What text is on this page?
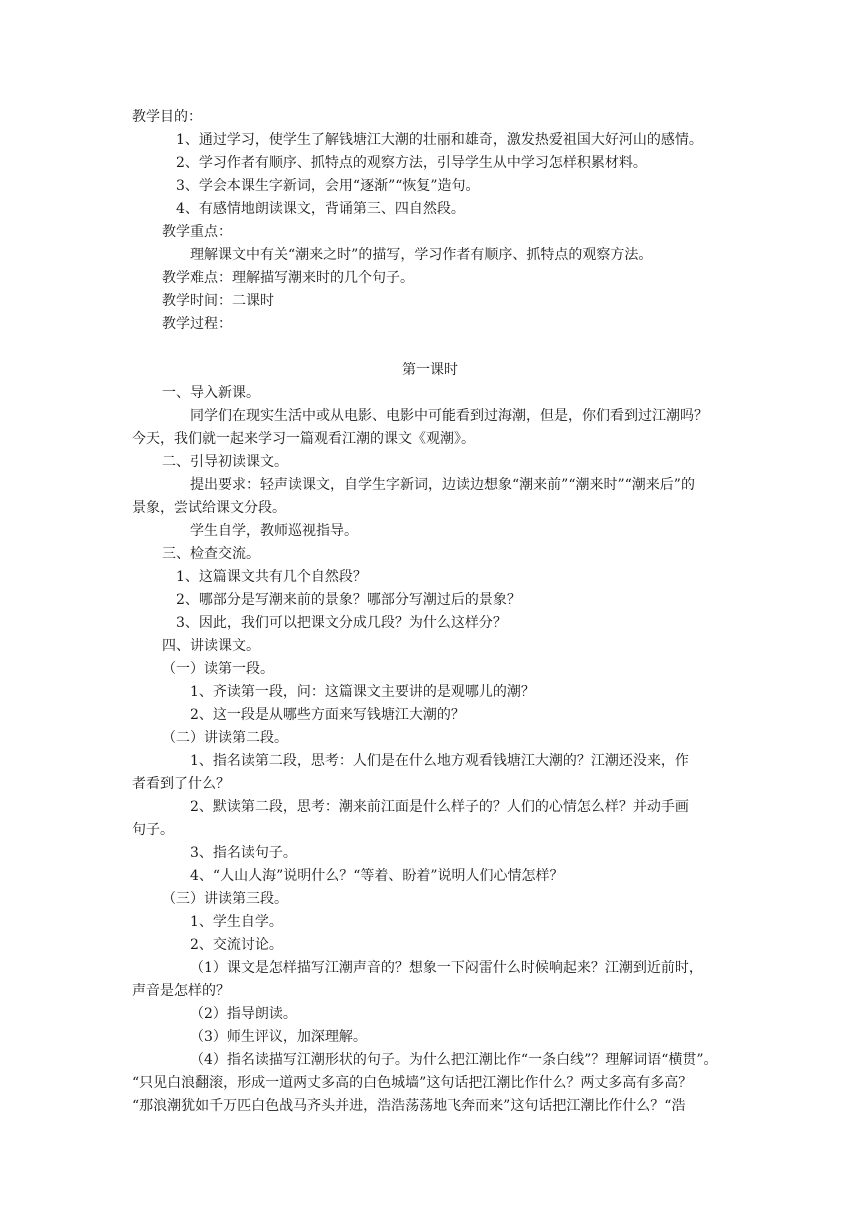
教学目的：

1、通过学习，使学生了解钱塘江大潮的壮丽和雄奇，激发热爱祖国大好河山的感情。

2、学习作者有顺序、抓特点的观察方法，引导学生从中学习怎样积累材料。

3、学会本课生字新词，会用“逐渐”“恢复”造句。

4、有感情地朗读课文，背诵第三、四自然段。

教学重点：

理解课文中有关“潮来之时”的描写，学习作者有顺序、抓特点的观察方法。

教学难点：理解描写潮来时的几个句子。

教学时间：二课时

教学过程：

第一课时

一、导入新课。

同学们在现实生活中或从电影、电影中可能看到过海潮，但是，你们看到过江潮吗？

今天，我们就一起来学习一篇观看江潮的课文《观潮》。

二、引导初读课文。

提出要求：轻声读课文，自学生字新词，边读边想象“潮来前”“潮来时”“潮来后”的

景象，尝试给课文分段。

学生自学，教师巡视指导。

三、检查交流。

1、这篇课文共有几个自然段？

2、哪部分是写潮来前的景象？哪部分写潮过后的景象？

3、因此，我们可以把课文分成几段？为什么这样分？

四、讲读课文。

（一）读第一段。

1、齐读第一段，问：这篇课文主要讲的是观哪儿的潮？

2、这一段是从哪些方面来写钱塘江大潮的？

（二）讲读第二段。

1、指名读第二段，思考：人们是在什么地方观看钱塘江大潮的？江潮还没来，作

者看到了什么？

2、默读第二段，思考：潮来前江面是什么样子的？人们的心情怎么样？并动手画

句子。

3、指名读句子。

4、“人山人海”说明什么？“等着、盼着”说明人们心情怎样？

（三）讲读第三段。

1、学生自学。

2、交流讨论。

（1）课文是怎样描写江潮声音的？想象一下闷雷什么时候响起来？江潮到近前时，

声音是怎样的？

（2）指导朗读。

（3）师生评议，加深理解。

（4）指名读描写江潮形状的句子。为什么把江潮比作“一条白线”？理解词语“横贯”。

“只见白浪翻滚，形成一道两丈多高的白色城墙”这句话把江潮比作什么？两丈多高有多高？

“那浪潮犹如千万匹白色战马齐头并进，浩浩荡荡地飞奔而来”这句话把江潮比作什么？“浩
